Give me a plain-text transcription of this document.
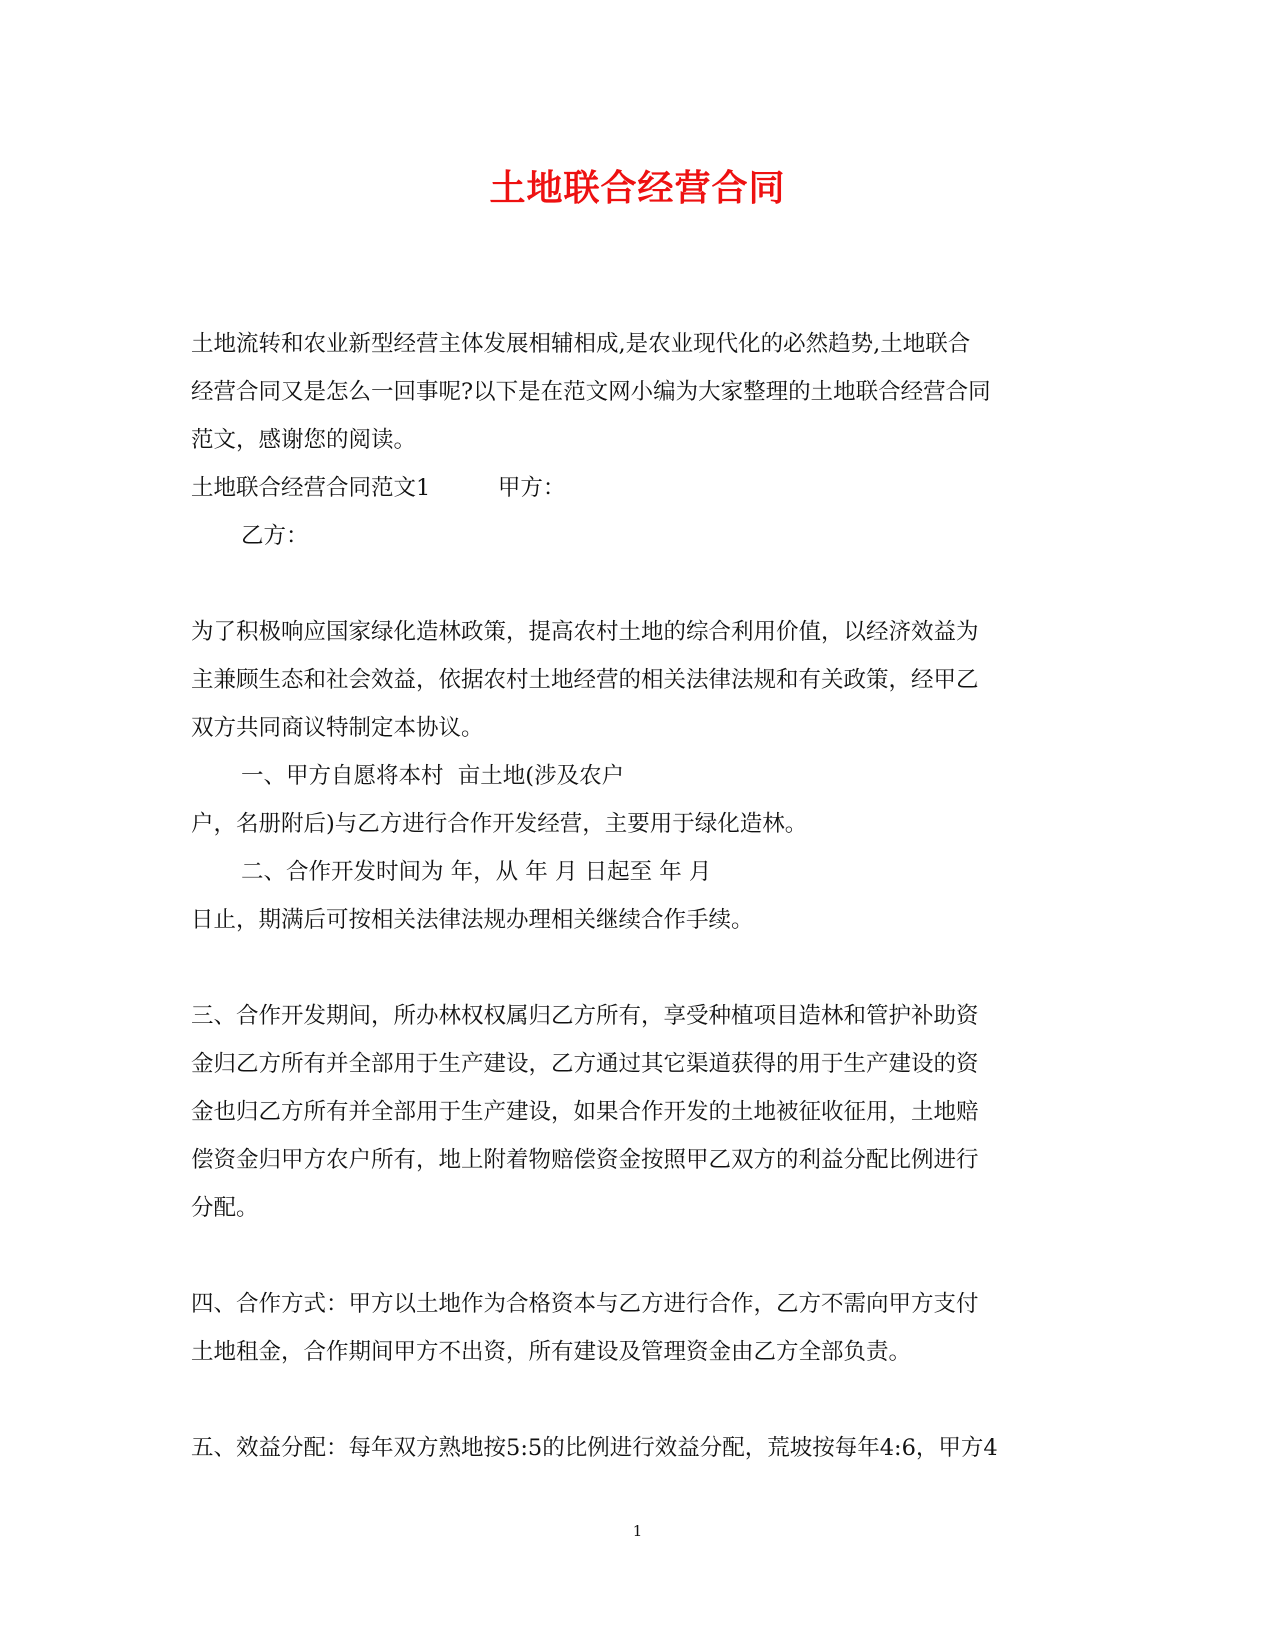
土地联合经营合同
土地流转和农业新型经营主体发展相辅相成,是农业现代化的必然趋势,土地联合
经营合同又是怎么一回事呢?以下是在范文网小编为大家整理的土地联合经营合同
范文，感谢您的阅读。
土地联合经营合同范文1　　　甲方：
乙方：
为了积极响应国家绿化造林政策，提高农村土地的综合利用价值，以经济效益为
主兼顾生态和社会效益，依据农村土地经营的相关法律法规和有关政策，经甲乙
双方共同商议特制定本协议。
一、甲方自愿将本村  亩土地(涉及农户
户，名册附后)与乙方进行合作开发经营，主要用于绿化造林。
二、合作开发时间为 年，从 年 月 日起至 年 月
日止，期满后可按相关法律法规办理相关继续合作手续。
三、合作开发期间，所办林权权属归乙方所有，享受种植项目造林和管护补助资
金归乙方所有并全部用于生产建设，乙方通过其它渠道获得的用于生产建设的资
金也归乙方所有并全部用于生产建设，如果合作开发的土地被征收征用，土地赔
偿资金归甲方农户所有，地上附着物赔偿资金按照甲乙双方的利益分配比例进行
分配。
四、合作方式：甲方以土地作为合格资本与乙方进行合作，乙方不需向甲方支付
土地租金，合作期间甲方不出资，所有建设及管理资金由乙方全部负责。
五、效益分配：每年双方熟地按5:5的比例进行效益分配，荒坡按每年4:6，甲方4
1
